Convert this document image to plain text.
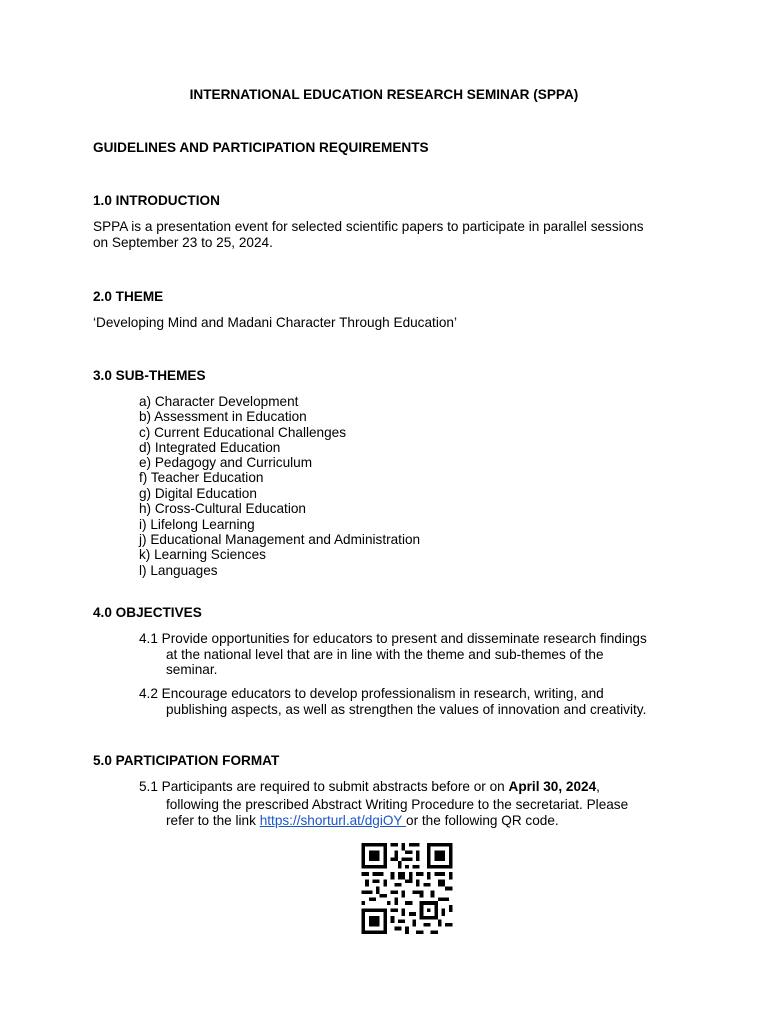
INTERNATIONAL EDUCATION RESEARCH SEMINAR (SPPA)
GUIDELINES AND PARTICIPATION REQUIREMENTS
1.0 INTRODUCTION
SPPA is a presentation event for selected scientific papers to participate in parallel sessions
on September 23 to 25, 2024.
2.0 THEME
‘Developing Mind and Madani Character Through Education’
3.0 SUB-THEMES
a) Character Development
b) Assessment in Education
c) Current Educational Challenges
d) Integrated Education
e) Pedagogy and Curriculum
f) Teacher Education
g) Digital Education
h) Cross-Cultural Education
i) Lifelong Learning
j) Educational Management and Administration
k) Learning Sciences
l) Languages
4.0 OBJECTIVES
4.1 Provide opportunities for educators to present and disseminate research findings
at the national level that are in line with the theme and sub-themes of the
seminar.
4.2 Encourage educators to develop professionalism in research, writing, and
publishing aspects, as well as strengthen the values of innovation and creativity.
5.0 PARTICIPATION FORMAT
5.1 Participants are required to submit abstracts before or on April 30, 2024,
following the prescribed Abstract Writing Procedure to the secretariat. Please
refer to the link https://shorturl.at/dgiOY or the following QR code.
